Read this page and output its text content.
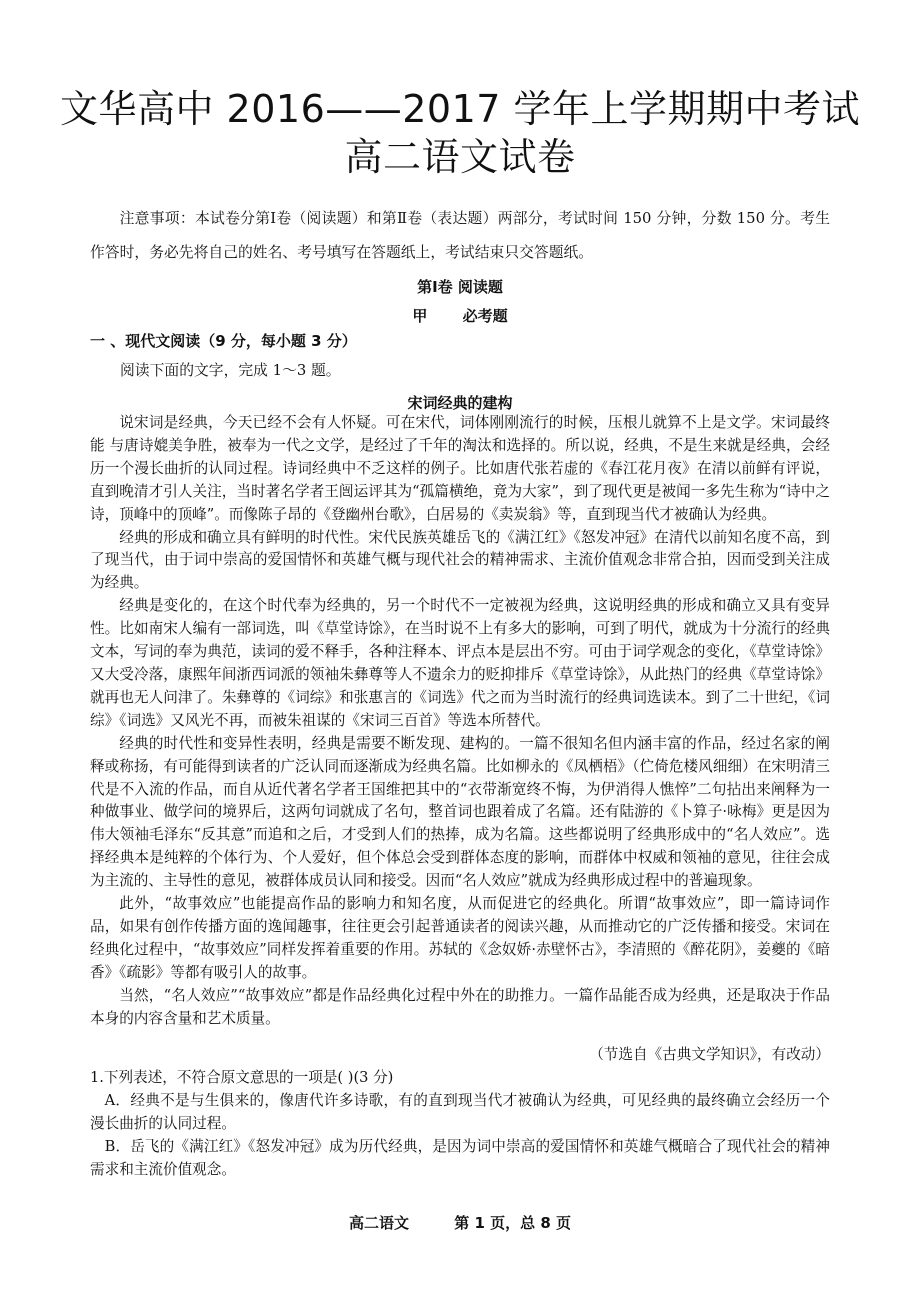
文华高中 2016——2017 学年上学期期中考试
高二语文试卷
注意事项：本试卷分第Ⅰ卷（阅读题）和第Ⅱ卷（表达题）两部分，考试时间 150 分钟，分数 150 分。考生作答时，务必先将自己的姓名、考号填写在答题纸上，考试结束只交答题纸。
第Ⅰ卷 阅读题
甲 必考题
一 、现代文阅读（9 分，每小题 3 分）
阅读下面的文字，完成 1～3 题。
宋词经典的建构

说宋词是经典，今天已经不会有人怀疑。可在宋代，词体刚刚流行的时候，压根儿就算不上是文学。宋词最终能 与唐诗媲美争胜，被奉为一代之文学，是经过了千年的淘汰和选择的。所以说，经典，不是生来就是经典，会经历一个漫长曲折的认同过程。诗词经典中不乏这样的例子。比如唐代张若虚的《春江花月夜》在清以前鲜有评说，直到晚清才引人关注，当时著名学者王闿运评其为“孤篇横绝，竟为大家”，到了现代更是被闻一多先生称为“诗中之诗，顶峰中的顶峰”。而像陈子昂的《登幽州台歌》，白居易的《卖炭翁》等，直到现当代才被确认为经典。

经典的形成和确立具有鲜明的时代性。宋代民族英雄岳飞的《满江红》《怒发冲冠》在清代以前知名度不高，到了现当代，由于词中崇高的爱国情怀和英雄气概与现代社会的精神需求、主流价值观念非常合拍，因而受到关注成为经典。

经典是变化的，在这个时代奉为经典的，另一个时代不一定被视为经典，这说明经典的形成和确立又具有变异性。比如南宋人编有一部词选，叫《草堂诗馀》，在当时说不上有多大的影响，可到了明代，就成为十分流行的经典文本，写词的奉为典范，读词的爱不释手，各种注释本、评点本是层出不穷。可由于词学观念的变化，《草堂诗馀》又大受冷落，康熙年间浙西词派的领袖朱彝尊等人不遗余力的贬抑排斥《草堂诗馀》，从此热门的经典《草堂诗馀》就再也无人问津了。朱彝尊的《词综》和张惠言的《词选》代之而为当时流行的经典词选读本。到了二十世纪，《词综》《词选》又风光不再，而被朱祖谋的《宋词三百首》等选本所替代。

经典的时代性和变异性表明，经典是需要不断发现、建构的。一篇不很知名但内涵丰富的作品，经过名家的阐释或称扬，有可能得到读者的广泛认同而逐渐成为经典名篇。比如柳永的《凤栖梧》（伫倚危楼风细细）在宋明清三代是不入流的作品，而自从近代著名学者王国维把其中的“衣带渐宽终不悔，为伊消得人憔悴”二句拈出来阐释为一种做事业、做学问的境界后，这两句词就成了名句，整首词也跟着成了名篇。还有陆游的《卜算子·咏梅》更是因为伟大领袖毛泽东“反其意”而追和之后，才受到人们的热捧，成为名篇。这些都说明了经典形成中的“名人效应”。选择经典本是纯粹的个体行为、个人爱好，但个体总会受到群体态度的影响，而群体中权威和领袖的意见，往往会成为主流的、主导性的意见，被群体成员认同和接受。因而“名人效应”就成为经典形成过程中的普遍现象。

此外，“故事效应”也能提高作品的影响力和知名度，从而促进它的经典化。所谓“故事效应”，即一篇诗词作品，如果有创作传播方面的逸闻趣事，往往更会引起普通读者的阅读兴趣，从而推动它的广泛传播和接受。宋词在经典化过程中，“故事效应”同样发挥着重要的作用。苏轼的《念奴娇·赤壁怀古》，李清照的《醉花阴》，姜夔的《暗香》《疏影》等都有吸引人的故事。

当然，“名人效应”“故事效应”都是作品经典化过程中外在的助推力。一篇作品能否成为经典，还是取决于作品本身的内容含量和艺术质量。

（节选自《古典文学知识》，有改动）

1.下列表述，不符合原文意思的一项是( )(3 分)

A．经典不是与生俱来的，像唐代许多诗歌，有的直到现当代才被确认为经典，可见经典的最终确立会经历一个漫长曲折的认同过程。

B．岳飞的《满江红》《怒发冲冠》成为历代经典，是因为词中崇高的爱国情怀和英雄气概暗合了现代社会的精神需求和主流价值观念。

高二语文	第 1 页，总 8 页
